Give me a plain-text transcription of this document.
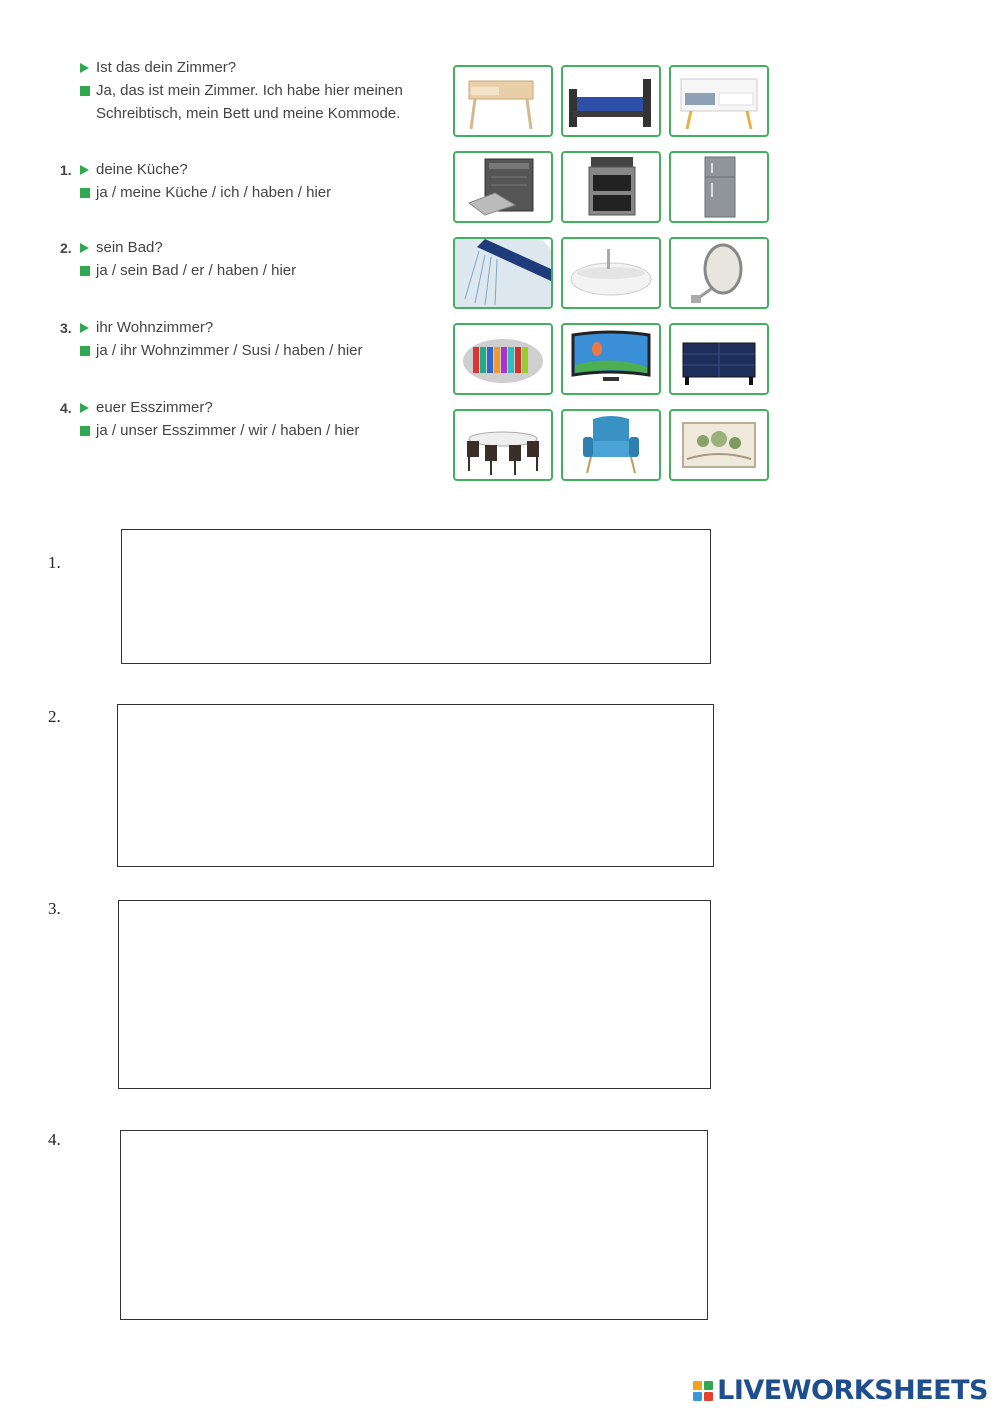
Ist das dein Zimmer?
Ja, das ist mein Zimmer. Ich habe hier meinen
Schreibtisch, mein Bett und meine Kommode.
1. deine Küche?
ja / meine Küche / ich / haben / hier
2. sein Bad?
ja / sein Bad / er / haben / hier
3. ihr Wohnzimmer?
ja / ihr Wohnzimmer / Susi / haben / hier
4. euer Esszimmer?
ja / unser Esszimmer / wir / haben / hier
1.
2.
3.
4.
LIVEWORKSHEETS
